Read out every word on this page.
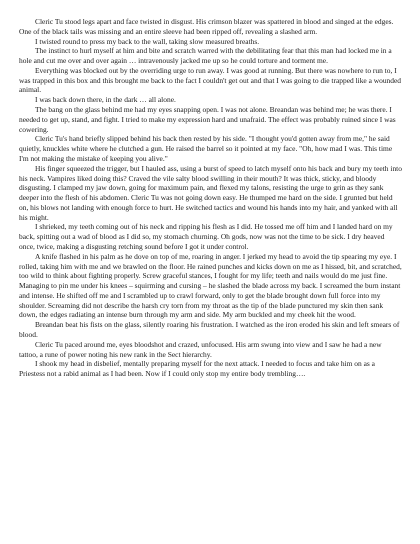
Cleric Tu stood legs apart and face twisted in disgust. His crimson blazer was spattered in blood and singed at the edges. One of the black tails was missing and an entire sleeve had been ripped off, revealing a slashed arm.

I twisted round to press my back to the wall, taking slow measured breaths.

The instinct to hurl myself at him and bite and scratch warred with the debilitating fear that this man had locked me in a hole and cut me over and over again … intravenously jacked me up so he could torture and torment me.

Everything was blocked out by the overriding urge to run away. I was good at running. But there was nowhere to run to, I was trapped in this box and this brought me back to the fact I couldn't get out and that I was going to die trapped like a wounded animal.

I was back down there, in the dark … all alone.

The bang on the glass behind me had my eyes snapping open. I was not alone. Breandan was behind me; he was there. I needed to get up, stand, and fight. I tried to make my expression hard and unafraid. The effect was probably ruined since I was cowering.

Cleric Tu's hand briefly slipped behind his back then rested by his side. "I thought you'd gotten away from me," he said quietly, knuckles white where he clutched a gun. He raised the barrel so it pointed at my face. "Oh, how mad I was. This time I'm not making the mistake of keeping you alive."

His finger squeezed the trigger, but I hauled ass, using a burst of speed to latch myself onto his back and bury my teeth into his neck. Vampires liked doing this? Craved the vile salty blood swilling in their mouth? It was thick, sticky, and bloody disgusting. I clamped my jaw down, going for maximum pain, and flexed my talons, resisting the urge to grin as they sank deeper into the flesh of his abdomen. Cleric Tu was not going down easy. He thumped me hard on the side. I grunted but held on, his blows not landing with enough force to hurt. He switched tactics and wound his hands into my hair, and yanked with all his might.

I shrieked, my teeth coming out of his neck and ripping his flesh as I did. He tossed me off him and I landed hard on my back, spitting out a wad of blood as I did so, my stomach churning. Oh gods, now was not the time to be sick. I dry heaved once, twice, making a disgusting retching sound before I got it under control.

A knife flashed in his palm as he dove on top of me, roaring in anger. I jerked my head to avoid the tip spearing my eye. I rolled, taking him with me and we brawled on the floor. He rained punches and kicks down on me as I hissed, bit, and scratched, too wild to think about fighting properly. Screw graceful stances, I fought for my life; teeth and nails would do me just fine. Managing to pin me under his knees – squirming and cursing – he slashed the blade across my back. I screamed the burn instant and intense. He shifted off me and I scrambled up to crawl forward, only to get the blade brought down full force into my shoulder. Screaming did not describe the harsh cry torn from my throat as the tip of the blade punctured my skin then sank down, the edges radiating an intense burn through my arm and side. My arm buckled and my cheek hit the wood.

Breandan beat his fists on the glass, silently roaring his frustration. I watched as the iron eroded his skin and left smears of blood.

Cleric Tu paced around me, eyes bloodshot and crazed, unfocused. His arm swung into view and I saw he had a new tattoo, a rune of power noting his new rank in the Sect hierarchy.

I shook my head in disbelief, mentally preparing myself for the next attack. I needed to focus and take him on as a Priestess not a rabid animal as I had been. Now if I could only stop my entire body trembling….
